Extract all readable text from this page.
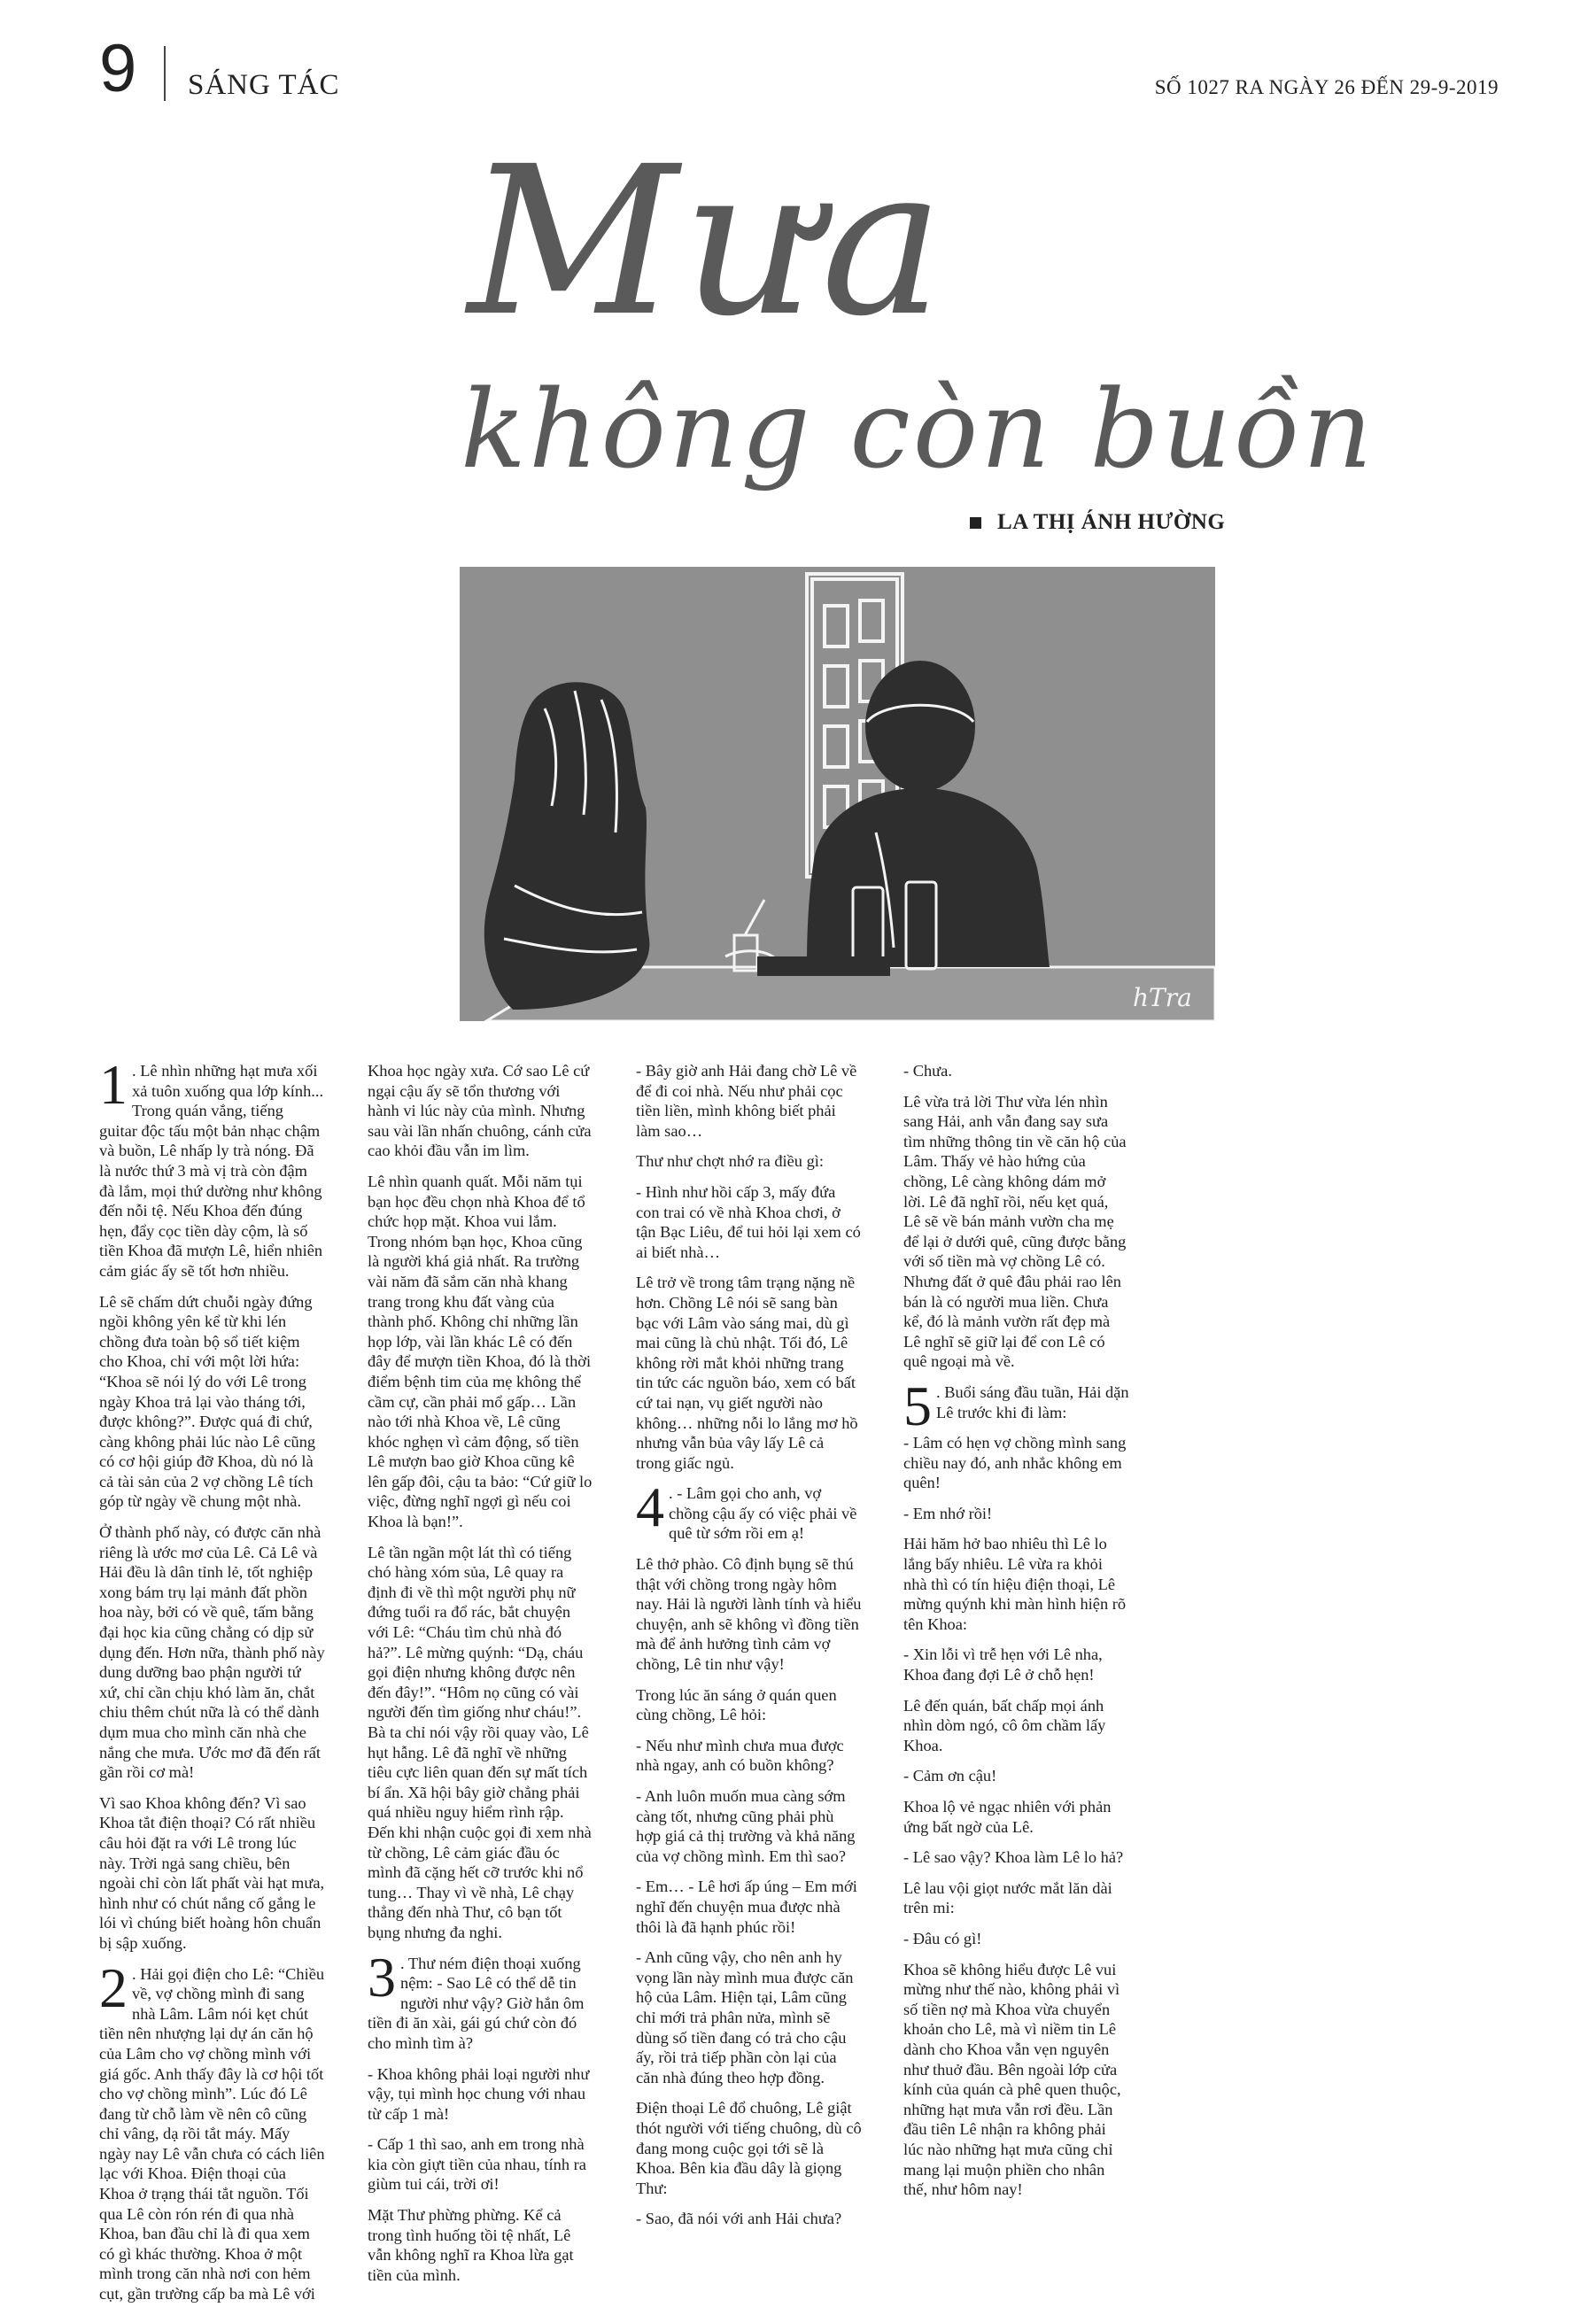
9 SÁNG TÁC	SỐ 1027 RA NGÀY 26 ĐẾN 29-9-2019
Mưa
không còn buồn
LA THỊ ÁNH HƯỜNG
hTra

1 . Lê nhìn những hạt mưa xối xả tuôn xuống qua lớp kính... Trong quán vắng, tiếng guitar độc tấu một bản nhạc chậm và buồn, Lê nhấp ly trà nóng. Đã là nước thứ 3 mà vị trà còn đậm đà lắm, mọi thứ dường như không đến nỗi tệ. Nếu Khoa đến đúng hẹn, đẩy cọc tiền dày cộm, là số tiền Khoa đã mượn Lê, hiển nhiên cảm giác ấy sẽ tốt hơn nhiều.

Lê sẽ chấm dứt chuỗi ngày đứng ngồi không yên kể từ khi lén chồng đưa toàn bộ sổ tiết kiệm cho Khoa, chỉ với một lời hứa: “Khoa sẽ nói lý do với Lê trong ngày Khoa trả lại vào tháng tới, được không?”. Được quá đi chứ, càng không phải lúc nào Lê cũng có cơ hội giúp đỡ Khoa, dù nó là cả tài sản của 2 vợ chồng Lê tích góp từ ngày về chung một nhà.

Ở thành phố này, có được căn nhà riêng là ước mơ của Lê. Cả Lê và Hải đều là dân tỉnh lẻ, tốt nghiệp xong bám trụ lại mảnh đất phồn hoa này, bởi có về quê, tấm bằng đại học kia cũng chẳng có dịp sử dụng đến. Hơn nữa, thành phố này dung dưỡng bao phận người tứ xứ, chỉ cần chịu khó làm ăn, chắt chiu thêm chút nữa là có thể dành dụm mua cho mình căn nhà che nắng che mưa. Ước mơ đã đến rất gần rồi cơ mà!

Vì sao Khoa không đến? Vì sao Khoa tắt điện thoại? Có rất nhiều câu hỏi đặt ra với Lê trong lúc này. Trời ngả sang chiều, bên ngoài chỉ còn lất phất vài hạt mưa, hình như có chút nắng cố gắng le lói vì chúng biết hoàng hôn chuẩn bị sập xuống.

2 . Hải gọi điện cho Lê: “Chiều về, vợ chồng mình đi sang nhà Lâm. Lâm nói kẹt chút tiền nên nhượng lại dự án căn hộ của Lâm cho vợ chồng mình với giá gốc. Anh thấy đây là cơ hội tốt cho vợ chồng mình”. Lúc đó Lê đang từ chỗ làm về nên cô cũng chỉ vâng, dạ rồi tắt máy. Mấy ngày nay Lê vẫn chưa có cách liên lạc với Khoa. Điện thoại của Khoa ở trạng thái tắt nguồn. Tối qua Lê còn rón rén đi qua nhà Khoa, ban đầu chỉ là đi qua xem có gì khác thường. Khoa ở một mình trong căn nhà nơi con hẻm cụt, gần trường cấp ba mà Lê với

Khoa học ngày xưa. Cớ sao Lê cứ ngại cậu ấy sẽ tổn thương với hành vi lúc này của mình. Nhưng sau vài lần nhấn chuông, cánh cửa cao khỏi đầu vẫn im lìm.

Lê nhìn quanh quất. Mỗi năm tụi bạn học đều chọn nhà Khoa để tổ chức họp mặt. Khoa vui lắm. Trong nhóm bạn học, Khoa cũng là người khá giả nhất. Ra trường vài năm đã sắm căn nhà khang trang trong khu đất vàng của thành phố. Không chỉ những lần họp lớp, vài lần khác Lê có đến đây để mượn tiền Khoa, đó là thời điểm bệnh tim của mẹ không thể cầm cự, cần phải mổ gấp… Lần nào tới nhà Khoa về, Lê cũng khóc nghẹn vì cảm động, số tiền Lê mượn bao giờ Khoa cũng kê lên gấp đôi, cậu ta bảo: “Cứ giữ lo việc, đừng nghĩ ngợi gì nếu coi Khoa là bạn!”.

Lê tần ngần một lát thì có tiếng chó hàng xóm sủa, Lê quay ra định đi về thì một người phụ nữ đứng tuổi ra đổ rác, bắt chuyện với Lê: “Cháu tìm chủ nhà đó hả?”. Lê mừng quýnh: “Dạ, cháu gọi điện nhưng không được nên đến đây!”. “Hôm nọ cũng có vài người đến tìm giống như cháu!”. Bà ta chỉ nói vậy rồi quay vào, Lê hụt hẫng. Lê đã nghĩ về những tiêu cực liên quan đến sự mất tích bí ẩn. Xã hội bây giờ chẳng phải quá nhiều nguy hiểm rình rập. Đến khi nhận cuộc gọi đi xem nhà từ chồng, Lê cảm giác đầu óc mình đã cặng hết cỡ trước khi nổ tung… Thay vì về nhà, Lê chạy thẳng đến nhà Thư, cô bạn tốt bụng nhưng đa nghi.

3 . Thư ném điện thoại xuống nệm: - Sao Lê có thể dễ tin người như vậy? Giờ hắn ôm tiền đi ăn xài, gái gú chứ còn đó cho mình tìm à?

- Khoa không phải loại người như vậy, tụi mình học chung với nhau từ cấp 1 mà!

- Cấp 1 thì sao, anh em trong nhà kia còn giựt tiền của nhau, tính ra giùm tui cái, trời ơi!

Mặt Thư phừng phừng. Kể cả trong tình huống tồi tệ nhất, Lê vẫn không nghĩ ra Khoa lừa gạt tiền của mình.

- Bây giờ anh Hải đang chờ Lê về để đi coi nhà. Nếu như phải cọc tiền liền, mình không biết phải làm sao…

Thư như chợt nhớ ra điều gì:

- Hình như hồi cấp 3, mấy đứa con trai có về nhà Khoa chơi, ở tận Bạc Liêu, để tui hỏi lại xem có ai biết nhà…

Lê trở về trong tâm trạng nặng nề hơn. Chồng Lê nói sẽ sang bàn bạc với Lâm vào sáng mai, dù gì mai cũng là chủ nhật. Tối đó, Lê không rời mắt khỏi những trang tin tức các nguồn báo, xem có bất cứ tai nạn, vụ giết người nào không… những nỗi lo lắng mơ hồ nhưng vẫn bủa vây lấy Lê cả trong giấc ngủ.

4 . - Lâm gọi cho anh, vợ chồng cậu ấy có việc phải về quê từ sớm rồi em ạ!

Lê thở phào. Cô định bụng sẽ thú thật với chồng trong ngày hôm nay. Hải là người lành tính và hiểu chuyện, anh sẽ không vì đồng tiền mà để ảnh hưởng tình cảm vợ chồng, Lê tin như vậy!

Trong lúc ăn sáng ở quán quen cùng chồng, Lê hỏi:

- Nếu như mình chưa mua được nhà ngay, anh có buồn không?

- Anh luôn muốn mua càng sớm càng tốt, nhưng cũng phải phù hợp giá cả thị trường và khả năng của vợ chồng mình. Em thì sao?

- Em… - Lê hơi ấp úng – Em mới nghĩ đến chuyện mua được nhà thôi là đã hạnh phúc rồi!

- Anh cũng vậy, cho nên anh hy vọng lần này mình mua được căn hộ của Lâm. Hiện tại, Lâm cũng chỉ mới trả phân nửa, mình sẽ dùng số tiền đang có trả cho cậu ấy, rồi trả tiếp phần còn lại của căn nhà đúng theo hợp đồng.

Điện thoại Lê đổ chuông, Lê giật thót người với tiếng chuông, dù cô đang mong cuộc gọi tới sẽ là Khoa. Bên kia đầu dây là giọng Thư:

- Sao, đã nói với anh Hải chưa?

- Chưa.

Lê vừa trả lời Thư vừa lén nhìn sang Hải, anh vẫn đang say sưa tìm những thông tin về căn hộ của Lâm. Thấy vẻ hào hứng của chồng, Lê càng không dám mở lời. Lê đã nghĩ rồi, nếu kẹt quá, Lê sẽ về bán mảnh vườn cha mẹ để lại ở dưới quê, cũng được bằng với số tiền mà vợ chồng Lê có. Nhưng đất ở quê đâu phải rao lên bán là có người mua liền. Chưa kể, đó là mảnh vườn rất đẹp mà Lê nghĩ sẽ giữ lại để con Lê có quê ngoại mà về.

5 . Buổi sáng đầu tuần, Hải dặn Lê trước khi đi làm:

- Lâm có hẹn vợ chồng mình sang chiều nay đó, anh nhắc không em quên!

- Em nhớ rồi!

Hải hăm hở bao nhiêu thì Lê lo lắng bấy nhiêu. Lê vừa ra khỏi nhà thì có tín hiệu điện thoại, Lê mừng quýnh khi màn hình hiện rõ tên Khoa:

- Xin lỗi vì trễ hẹn với Lê nha, Khoa đang đợi Lê ở chỗ hẹn!

Lê đến quán, bất chấp mọi ánh nhìn dòm ngó, cô ôm chầm lấy Khoa.

- Cảm ơn cậu!

Khoa lộ vẻ ngạc nhiên với phản ứng bất ngờ của Lê.

- Lê sao vậy? Khoa làm Lê lo hả?

Lê lau vội giọt nước mắt lăn dài trên mi:

- Đâu có gì!

Khoa sẽ không hiểu được Lê vui mừng như thế nào, không phải vì số tiền nợ mà Khoa vừa chuyển khoản cho Lê, mà vì niềm tin Lê dành cho Khoa vẫn vẹn nguyên như thuở đầu. Bên ngoài lớp cửa kính của quán cà phê quen thuộc, những hạt mưa vẫn rơi đều. Lần đầu tiên Lê nhận ra không phải lúc nào những hạt mưa cũng chỉ mang lại muộn phiền cho nhân thế, như hôm nay!
